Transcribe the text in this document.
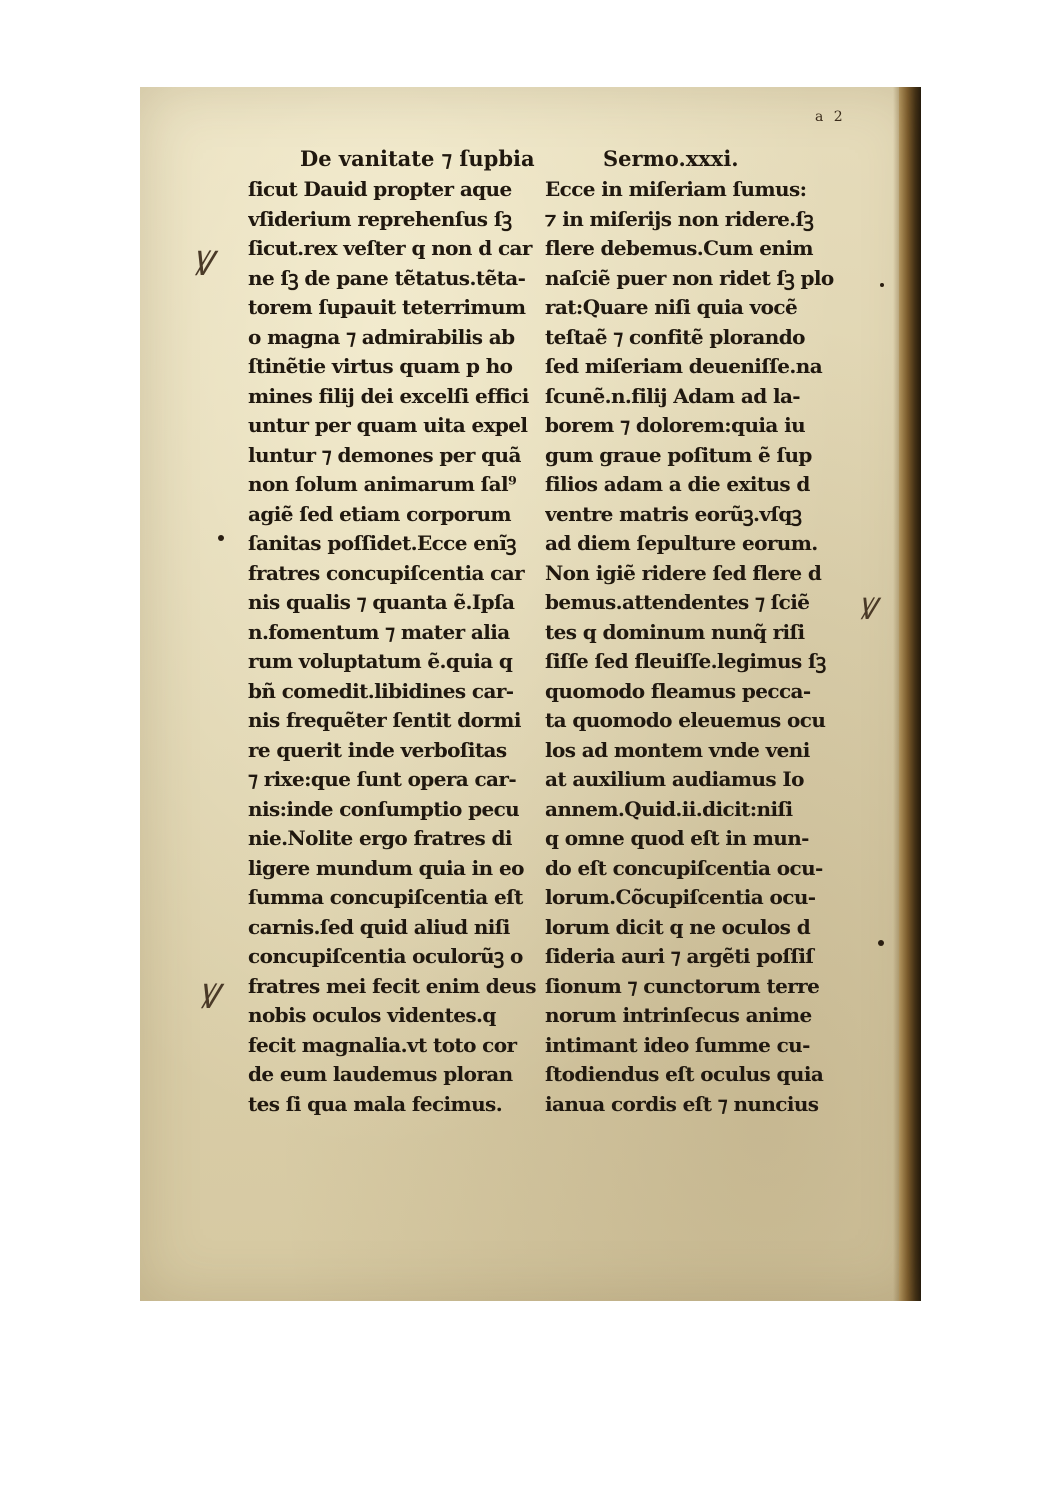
a 2
Ꝟ
Ꝟ
Ꝟ
De vanitate ⁊ ſupbia
ſicut Dauid propter aque
vſiderium reprehenſus ſꝫ
ſicut.rex veſter q non d car
ne ſꝫ de pane tẽtatus.tẽta-
torem ſupauit teterrimum
o magna ⁊ admirabilis ab
ſtinẽtie virtus quam p ho
mines filij dei excelſi effici
untur per quam uita expel
luntur ⁊ demones per quã
non ſolum animarum ſal⁹
agiẽ ſed etiam corporum
ſanitas poſſidet.Ecce enĩꝫ
fratres concupiſcentia car
nis qualis ⁊ quanta ẽ.Ipſa
n.fomentum ⁊ mater alia
rum voluptatum ẽ.quia q
bñ comedit.libidines car-
nis frequẽter ſentit dormi
re querit inde verboſitas
⁊ rixe:que ſunt opera car-
nis:inde conſumptio pecu
nie.Nolite ergo fratres di
ligere mundum quia in eo
ſumma concupiſcentia eſt
carnis.ſed quid aliud niſi
concupiſcentia oculorũꝫ o
fratres mei fecit enim deus
nobis oculos videntes.q
fecit magnalia.vt toto cor
de eum laudemus ploran
tes ſi qua mala fecimus.
Sermo.xxxi.
Ecce in miſeriam ſumus:
⁊ in miſerijs non ridere.ſꝫ
flere debemus.Cum enim
naſciẽ puer non ridet ſꝫ plo
rat:Quare niſi quia vocẽ
teſtaẽ ⁊ confitẽ plorando
ſed miſeriam deueniſſe.na
ſcunẽ.n.filij Adam ad la-
borem ⁊ dolorem:quia iu
gum graue poſitum ẽ ſup
filios adam a die exitus d
ventre matris eorũꝫ.vſqꝫ
ad diem ſepulture eorum.
Non igiẽ ridere ſed flere d
bemus.attendentes ⁊ ſciẽ
tes q dominum nunq̃ riſi
ſiſſe ſed fleuiſſe.legimus ſꝫ
quomodo fleamus pecca-
ta quomodo eleuemus ocu
los ad montem vnde veni
at auxilium audiamus Io
annem.Quid.ii.dicit:niſi
q omne quod eſt in mun-
do eſt concupiſcentia ocu-
lorum.Cõcupiſcentia ocu-
lorum dicit q ne oculos d
ſideria auri ⁊ argẽti poſſiſ
ſionum ⁊ cunctorum terre
norum intrinſecus anime
intimant ideo ſumme cu-
ſtodiendus eſt oculus quia
ianua cordis eſt ⁊ nuncius
